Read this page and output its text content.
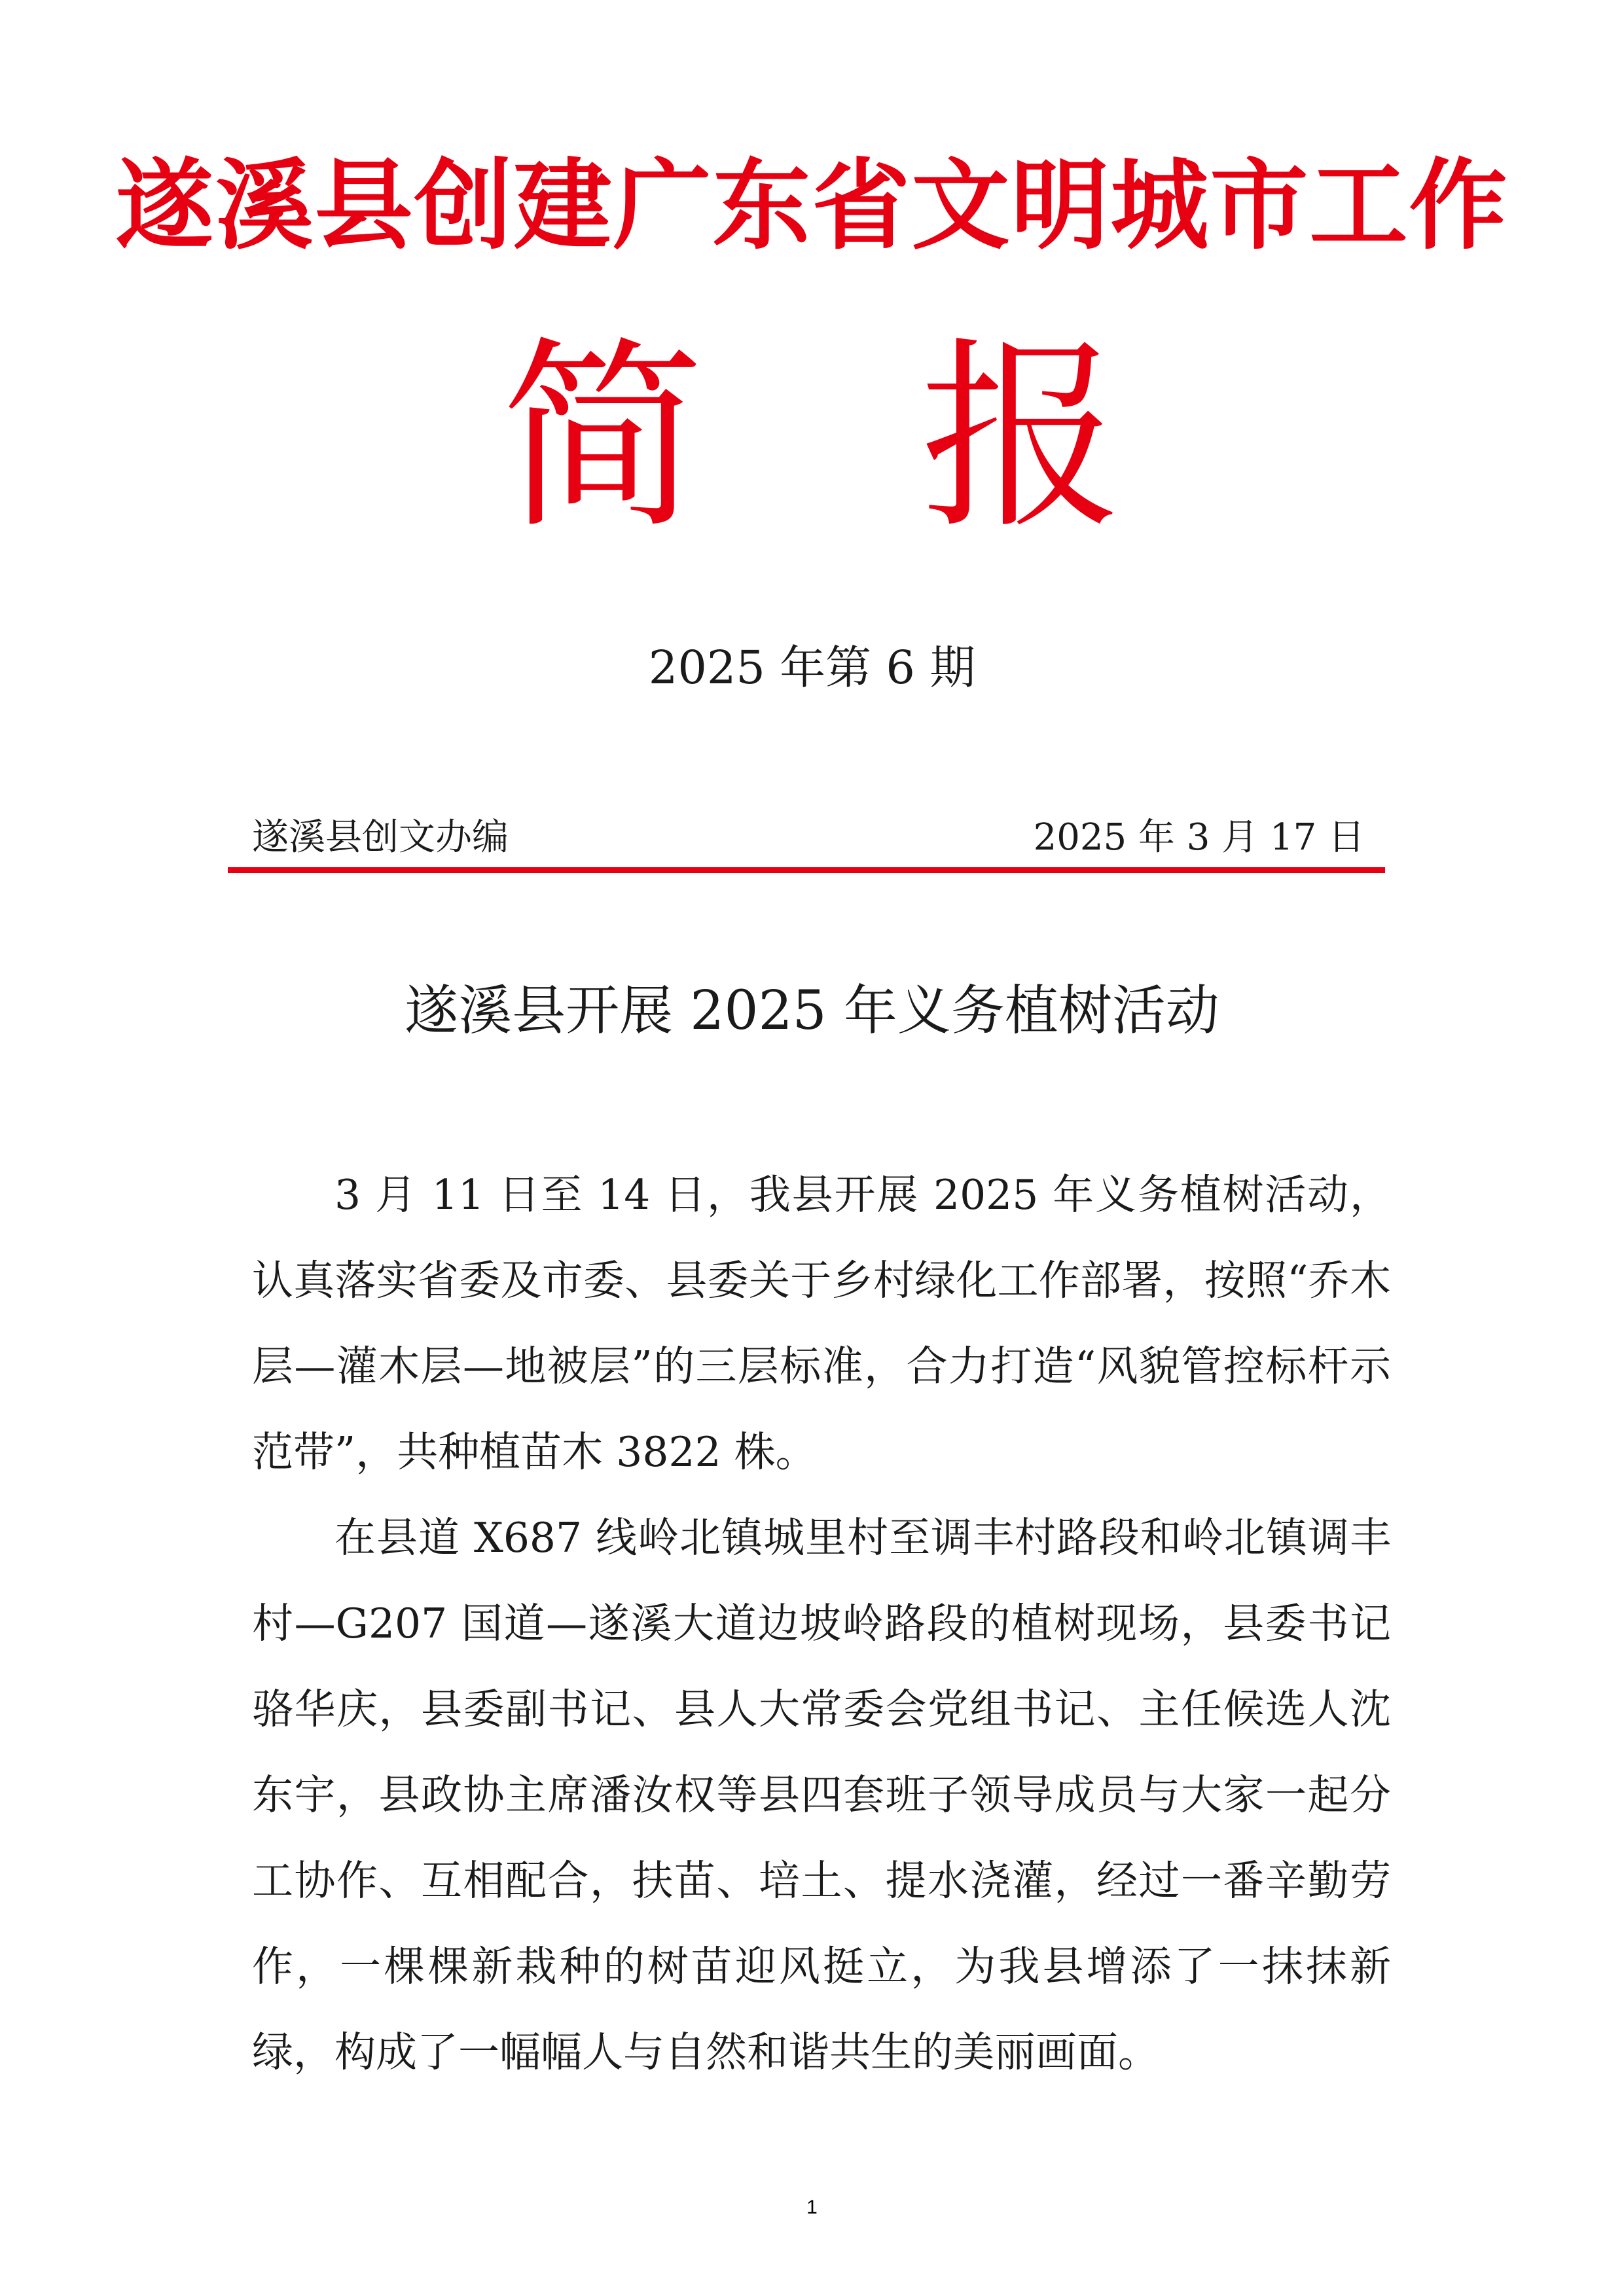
遂溪县创建广东省文明城市工作
简 报
2025 年第 6 期
遂溪县创文办编	2025 年 3 月 17 日
遂溪县开展 2025 年义务植树活动

3 月 11 日至 14 日，我县开展 2025 年义务植树活动，认真落实省委及市委、县委关于乡村绿化工作部署，按照“乔木层—灌木层—地被层”的三层标准，合力打造“风貌管控标杆示范带”，共种植苗木 3822 株。

在县道 X687 线岭北镇城里村至调丰村路段和岭北镇调丰村—G207 国道—遂溪大道边坡岭路段的植树现场，县委书记骆华庆，县委副书记、县人大常委会党组书记、主任候选人沈东宇，县政协主席潘汝权等县四套班子领导成员与大家一起分工协作、互相配合，扶苗、培土、提水浇灌，经过一番辛勤劳作，一棵棵新栽种的树苗迎风挺立，为我县增添了一抹抹新绿，构成了一幅幅人与自然和谐共生的美丽画面。

1
